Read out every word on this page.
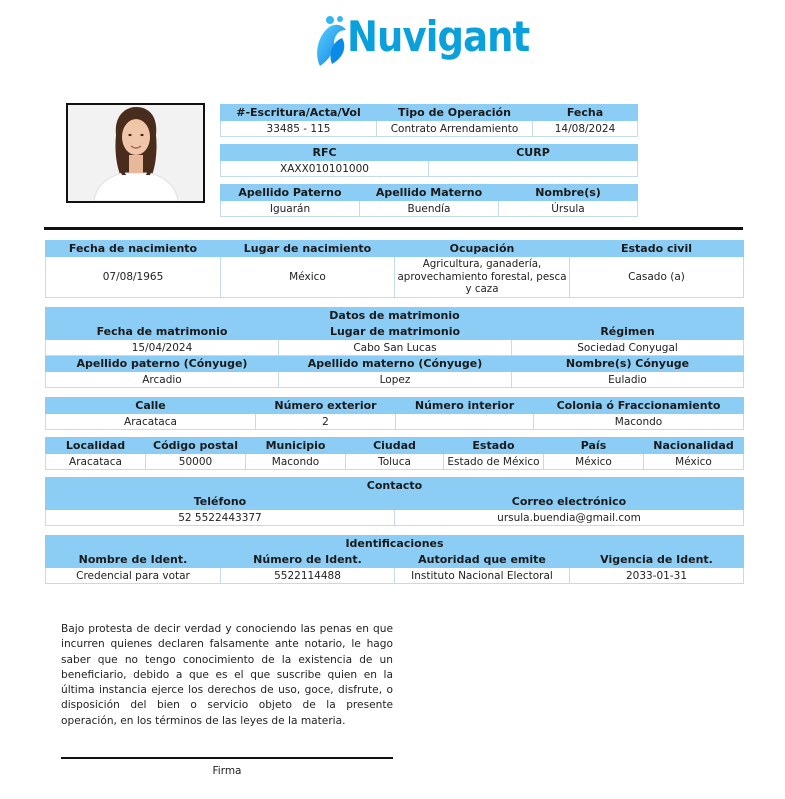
Nuvigant
#-Escritura/Acta/Vol	Tipo de Operación	Fecha
33485 - 115	Contrato Arrendamiento	14/08/2024
RFC	CURP
XAXX010101000	
Apellido Paterno	Apellido Materno	Nombre(s)
Iguarán	Buendía	Úrsula
Fecha de nacimiento	Lugar de nacimiento	Ocupación	Estado civil
07/08/1965	México	Agricultura, ganadería, aprovechamiento forestal, pesca y caza	Casado (a)
Datos de matrimonio		
Fecha de matrimonio	Lugar de matrimonio	Régimen
15/04/2024	Cabo San Lucas	Sociedad Conyugal
Apellido paterno (Cónyuge)	Apellido materno (Cónyuge)	Nombre(s) Cónyuge
Arcadio	Lopez	Euladio
Calle	Número exterior	Número interior	Colonia ó Fraccionamiento
Aracataca	2		Macondo
Localidad	Código postal	Municipio	Ciudad	Estado	País	Nacionalidad
Aracataca	50000	Macondo	Toluca	Estado de México	México	México
Contacto	
Teléfono	Correo electrónico
52 5522443377	ursula.buendia@gmail.com
Identificaciones			
Nombre de Ident.	Número de Ident.	Autoridad que emite	Vigencia de Ident.
Credencial para votar	5522114488	Instituto Nacional Electoral	2033-01-31

Bajo protesta de decir verdad y conociendo las penas en que incurren quienes declaren falsamente ante notario, le hago saber que no tengo conocimiento de la existencia de un beneficiario, debido a que es el que suscribe quien en la última instancia ejerce los derechos de uso, goce, disfrute, o disposición del bien o servicio objeto de la presente operación, en los términos de las leyes de la materia.

Firma
